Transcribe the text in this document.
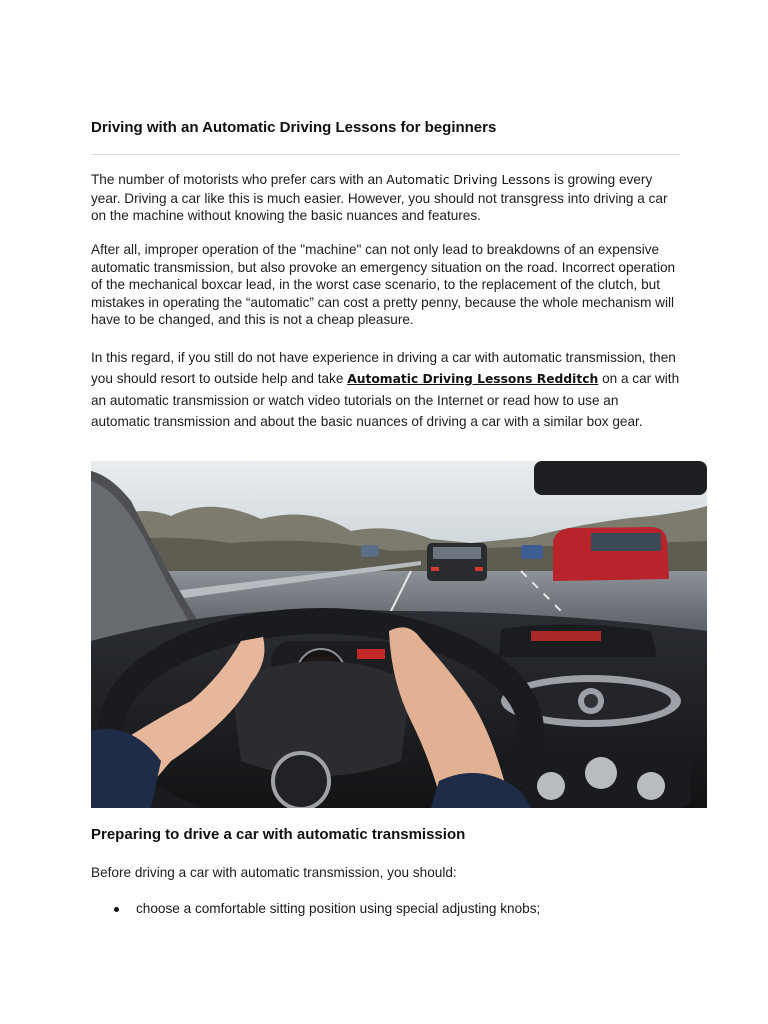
Driving with an Automatic Driving Lessons for beginners

The number of motorists who prefer cars with an Automatic Driving Lessons is growing every year. Driving a car like this is much easier. However, you should not transgress into driving a car on the machine without knowing the basic nuances and features.

After all, improper operation of the "machine" can not only lead to breakdowns of an expensive automatic transmission, but also provoke an emergency situation on the road. Incorrect operation of the mechanical boxcar lead, in the worst case scenario, to the replacement of the clutch, but mistakes in operating the “automatic” can cost a pretty penny, because the whole mechanism will have to be changed, and this is not a cheap pleasure.

In this regard, if you still do not have experience in driving a car with automatic transmission, then you should resort to outside help and take Automatic Driving Lessons Redditch on a car with an automatic transmission or watch video tutorials on the Internet or read how to use an automatic transmission and about the basic nuances of driving a car with a similar box gear.

Preparing to drive a car with automatic transmission

Before driving a car with automatic transmission, you should:

choose a comfortable sitting position using special adjusting knobs;
